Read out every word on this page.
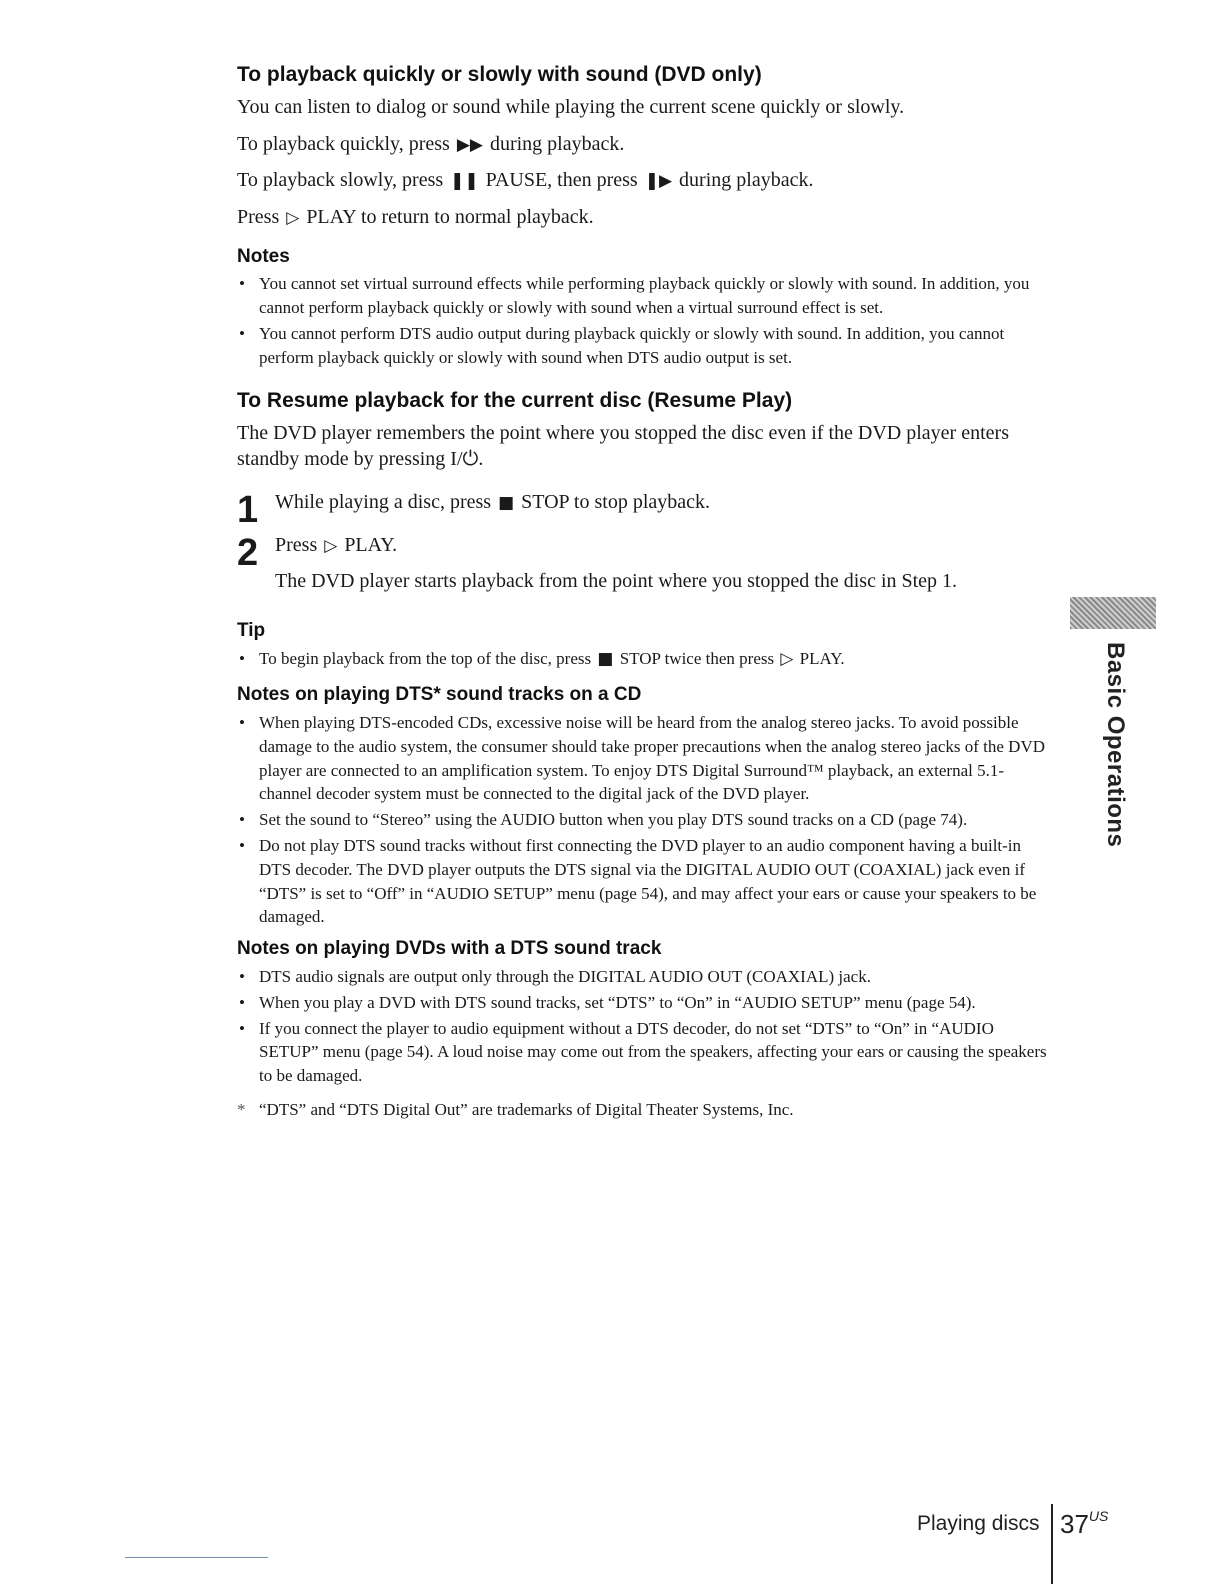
To playback quickly or slowly with sound (DVD only)

You can listen to dialog or sound while playing the current scene quickly or slowly.

To playback quickly, press ▶▶ during playback.

To playback slowly, press ❚❚ PAUSE, then press ❚▶ during playback.

Press ▷ PLAY to return to normal playback.

Notes
• You cannot set virtual surround effects while performing playback quickly or slowly with sound. In addition, you cannot perform playback quickly or slowly with sound when a virtual surround effect is set.
• You cannot perform DTS audio output during playback quickly or slowly with sound. In addition, you cannot perform playback quickly or slowly with sound when DTS audio output is set.
To Resume playback for the current disc (Resume Play)

The DVD player remembers the point where you stopped the disc even if the DVD player enters standby mode by pressing I/⏻.

1 While playing a disc, press ■ STOP to stop playback.

2 Press ▷ PLAY.

The DVD player starts playback from the point where you stopped the disc in Step 1.

Tip
• To begin playback from the top of the disc, press ■ STOP twice then press ▷ PLAY.
Notes on playing DTS* sound tracks on a CD
• When playing DTS-encoded CDs, excessive noise will be heard from the analog stereo jacks. To avoid possible damage to the audio system, the consumer should take proper precautions when the analog stereo jacks of the DVD player are connected to an amplification system. To enjoy DTS Digital Surround™ playback, an external 5.1-channel decoder system must be connected to the digital jack of the DVD player.
• Set the sound to “Stereo” using the AUDIO button when you play DTS sound tracks on a CD (page 74).
• Do not play DTS sound tracks without first connecting the DVD player to an audio component having a built-in DTS decoder. The DVD player outputs the DTS signal via the DIGITAL AUDIO OUT (COAXIAL) jack even if “DTS” is set to “Off” in “AUDIO SETUP” menu (page 54), and may affect your ears or cause your speakers to be damaged.
Notes on playing DVDs with a DTS sound track
• DTS audio signals are output only through the DIGITAL AUDIO OUT (COAXIAL) jack.
• When you play a DVD with DTS sound tracks, set “DTS” to “On” in “AUDIO SETUP” menu (page 54).
• If you connect the player to audio equipment without a DTS decoder, do not set “DTS” to “On” in “AUDIO SETUP” menu (page 54). A loud noise may come out from the speakers, affecting your ears or causing the speakers to be damaged.

* “DTS” and “DTS Digital Out” are trademarks of Digital Theater Systems, Inc.

Basic Operations
Playing discs $37^{US}$
